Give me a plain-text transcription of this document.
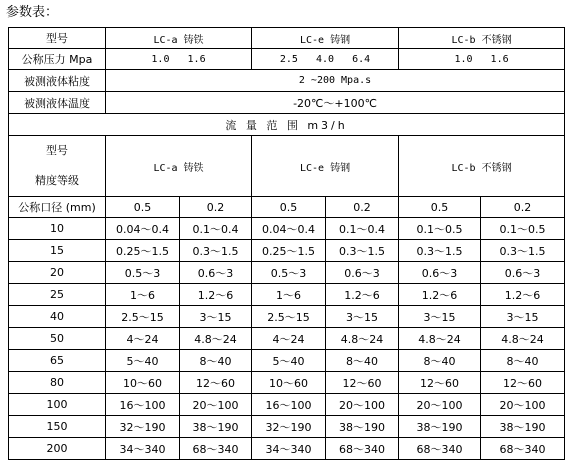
参数表：
型号	LC-a 铸铁		LC-e 铸钢		LC-b 不锈钢	
公称压力 Mpa	1.0   1.6		2.5   4.0   6.4		1.0   1.6	
被测液体粘度	2 ~200 Mpa.s					
被测液体温度	-20℃～+100℃					
流 量 范 围 m3/h						

型号
精度等级	LC-a 铸铁		LC-e 铸钢		LC-b 不锈钢	
公称口径 (mm)	0.5	0.2	0.5	0.2	0.5	0.2
10	0.04～0.4	0.1～0.4	0.04～0.4	0.1～0.4	0.1～0.5	0.1～0.5
15	0.25～1.5	0.3～1.5	0.25～1.5	0.3～1.5	0.3～1.5	0.3～1.5
20	0.5～3	0.6～3	0.5～3	0.6～3	0.6～3	0.6～3
25	1～6	1.2～6	1～6	1.2～6	1.2～6	1.2～6
40	2.5～15	3～15	2.5～15	3～15	3～15	3～15
50	4～24	4.8～24	4～24	4.8～24	4.8～24	4.8～24
65	5～40	8～40	5～40	8～40	8～40	8～40
80	10～60	12～60	10～60	12～60	12～60	12～60
100	16～100	20～100	16～100	20～100	20～100	20～100
150	32～190	38～190	32～190	38～190	38～190	38～190
200	34～340	68～340	34～340	68～340	68～340	68～340
